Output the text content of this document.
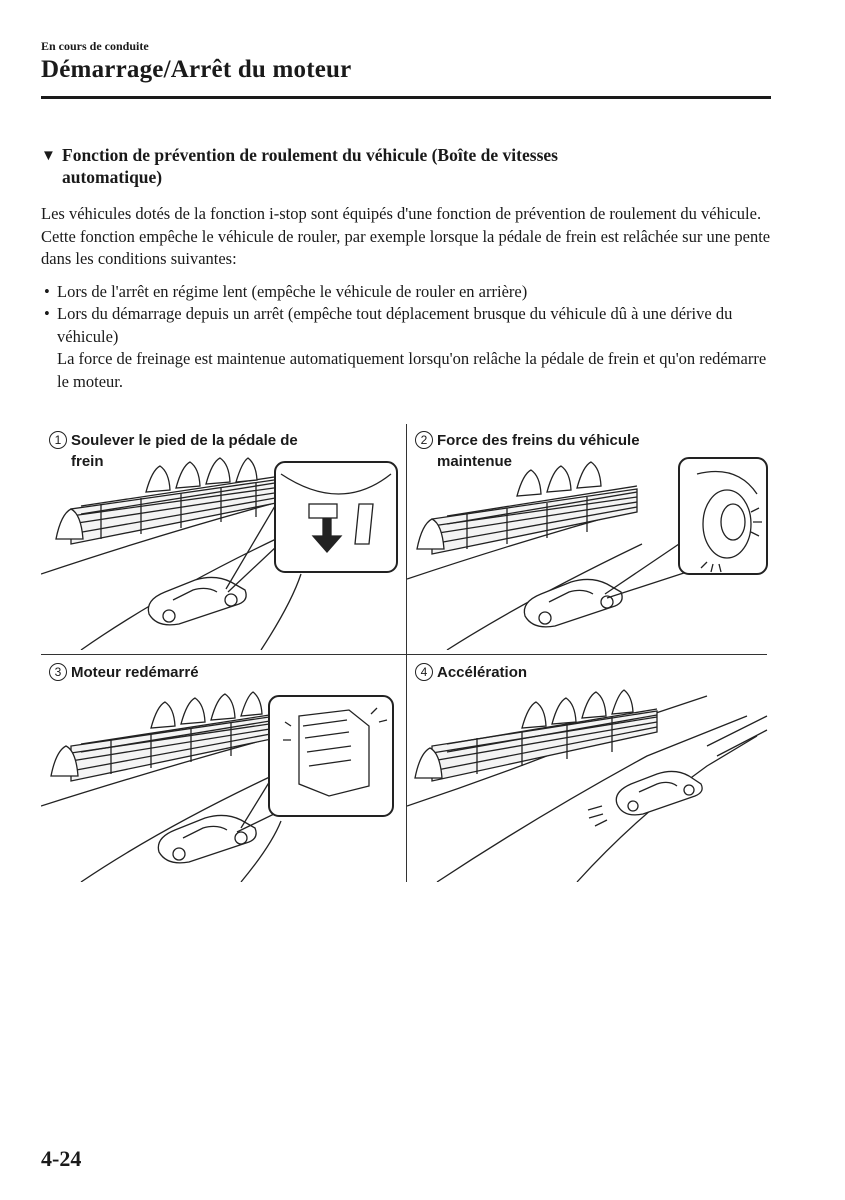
En cours de conduite
Démarrage/Arrêt du moteur
▼ Fonction de prévention de roulement du véhicule (Boîte de vitesses
automatique)
Les véhicules dotés de la fonction i-stop sont équipés d'une fonction de prévention de roulement du véhicule. Cette fonction empêche le véhicule de rouler, par exemple lorsque la pédale de frein est relâchée sur une pente dans les conditions suivantes:
• Lors de l'arrêt en régime lent (empêche le véhicule de rouler en arrière)
• Lors du démarrage depuis un arrêt (empêche tout déplacement brusque du véhicule dû à une dérive du véhicule)
La force de freinage est maintenue automatiquement lorsqu'on relâche la pédale de frein et qu'on redémarre le moteur.
1 Soulever le pied de la pédale de
frein
2 Force des freins du véhicule
maintenue
3 Moteur redémarré	4 Accélération
4-24
